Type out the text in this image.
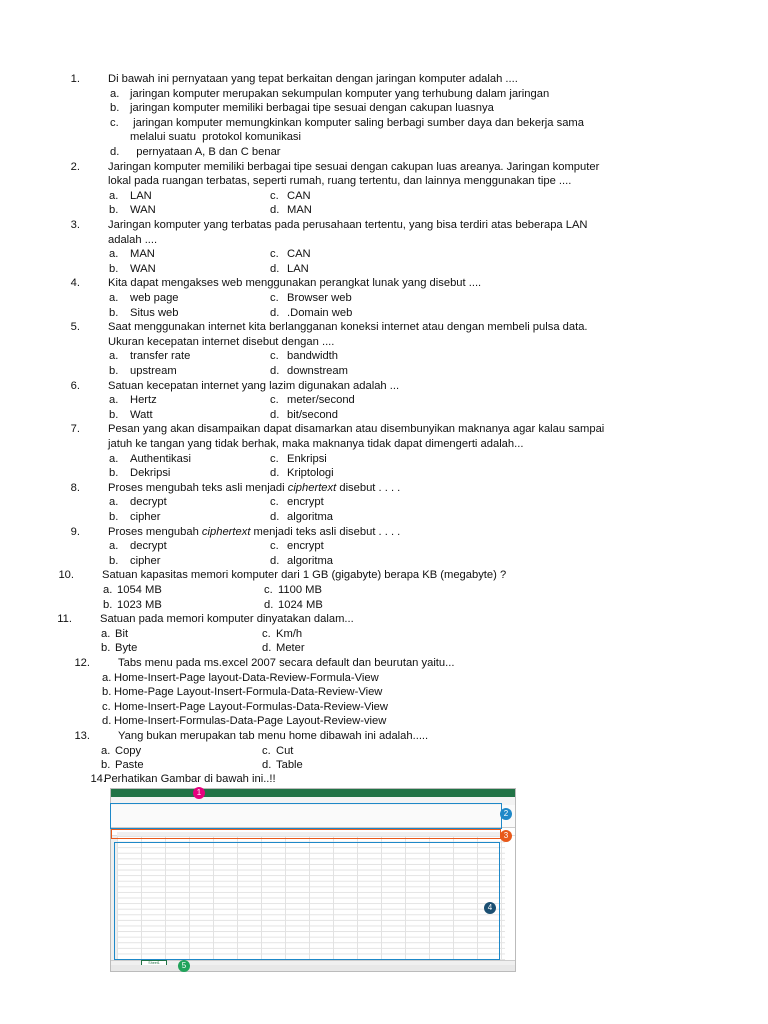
1.	Di bawah ini pernyataan yang tepat berkaitan dengan jaringan komputer adalah ....
a. jaringan komputer merupakan sekumpulan komputer yang terhubung dalam jaringan
b. jaringan komputer memiliki berbagai tipe sesuai dengan cakupan luasnya
c. jaringan komputer memungkinkan komputer saling berbagi sumber daya dan bekerja sama
melalui suatu  protokol komunikasi
d. pernyataan A, B dan C benar
2.	Jaringan komputer memiliki berbagai tipe sesuai dengan cakupan luas areanya. Jaringan komputer
lokal pada ruangan terbatas, seperti rumah, ruang tertentu, dan lainnya menggunakan tipe ....
a. LAN	c. CAN
b. WAN	d. MAN
3.	Jaringan komputer yang terbatas pada perusahaan tertentu, yang bisa terdiri atas beberapa LAN
adalah ....
a. MAN	c. CAN
b. WAN	d. LAN
4.	Kita dapat mengakses web menggunakan perangkat lunak yang disebut ....
a. web page	c. Browser web
b. Situs web	d. .Domain web
5.	Saat menggunakan internet kita berlangganan koneksi internet atau dengan membeli pulsa data.
Ukuran kecepatan internet disebut dengan ....
a. transfer rate	c. bandwidth
b. upstream	d. downstream
6.	Satuan kecepatan internet yang lazim digunakan adalah ...
a. Hertz	c. meter/second
b. Watt	d. bit/second
7.	Pesan yang akan disampaikan dapat disamarkan atau disembunyikan maknanya agar kalau sampai
jatuh ke tangan yang tidak berhak, maka maknanya tidak dapat dimengerti adalah...
a. Authentikasi	c. Enkripsi
b. Dekripsi	d. Kriptologi
8.	Proses mengubah teks asli menjadi ciphertext disebut . . . .
a. decrypt	c. encrypt
b. cipher	d. algoritma
9.	Proses mengubah ciphertext menjadi teks asli disebut . . . .
a. decrypt	c. encrypt
b. cipher	d. algoritma
10.	Satuan kapasitas memori komputer dari 1 GB (gigabyte) berapa KB (megabyte) ?
a. 1054 MB	c. 1100 MB
b. 1023 MB	d. 1024 MB
11.	Satuan pada memori komputer dinyatakan dalam...
a. Bit	c. Km/h
b. Byte	d. Meter
12.	Tabs menu pada ms.excel 2007 secara default dan beurutan yaitu...
a. Home-Insert-Page layout-Data-Review-Formula-View
b. Home-Page Layout-Insert-Formula-Data-Review-View
c. Home-Insert-Page Layout-Formulas-Data-Review-View
d. Home-Insert-Formulas-Data-Page Layout-Review-view
13.	Yang bukan merupakan tab menu home dibawah ini adalah.....
a. Copy	c. Cut
b. Paste	d. Table
14.
Perhatikan Gambar di bawah ini..!!
Sheet1
1
2
3
4
5
